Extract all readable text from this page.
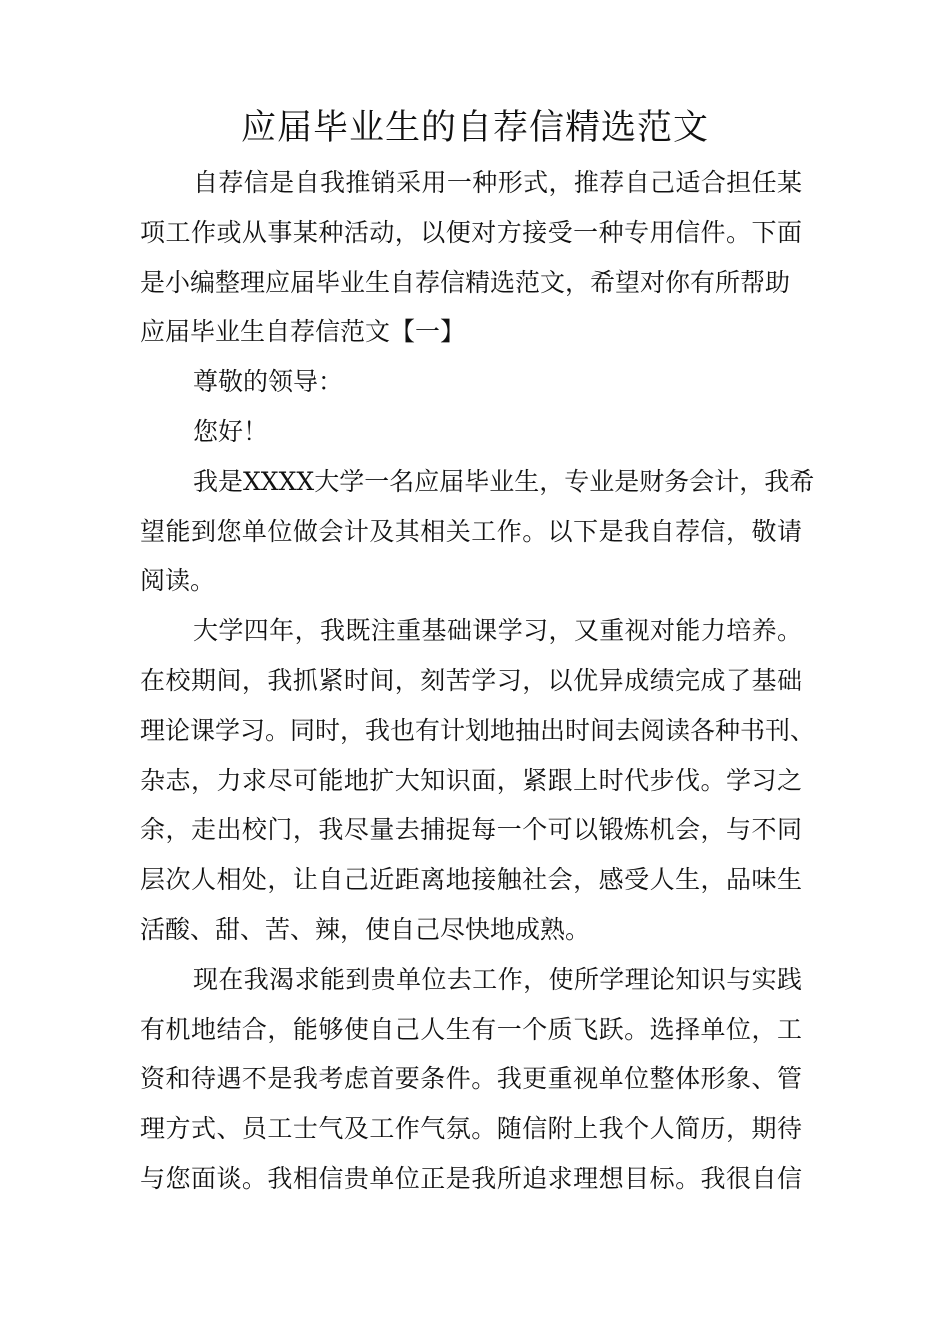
应届毕业生的自荐信精选范文
自荐信是自我推销采用一种形式，推荐自己适合担任某
项工作或从事某种活动，以便对方接受一种专用信件。下面
是小编整理应届毕业生自荐信精选范文，希望对你有所帮助
应届毕业生自荐信范文【一】
尊敬的领导：
您好！
我是XXXX大学一名应届毕业生，专业是财务会计，我希
望能到您单位做会计及其相关工作。以下是我自荐信，敬请
阅读。
大学四年，我既注重基础课学习，又重视对能力培养。
在校期间，我抓紧时间，刻苦学习，以优异成绩完成了基础
理论课学习。同时，我也有计划地抽出时间去阅读各种书刊、
杂志，力求尽可能地扩大知识面，紧跟上时代步伐。学习之
余，走出校门，我尽量去捕捉每一个可以锻炼机会，与不同
层次人相处，让自己近距离地接触社会，感受人生，品味生
活酸、甜、苦、辣，使自己尽快地成熟。
现在我渴求能到贵单位去工作，使所学理论知识与实践
有机地结合，能够使自己人生有一个质飞跃。选择单位，工
资和待遇不是我考虑首要条件。我更重视单位整体形象、管
理方式、员工士气及工作气氛。随信附上我个人简历，期待
与您面谈。我相信贵单位正是我所追求理想目标。我很自信
